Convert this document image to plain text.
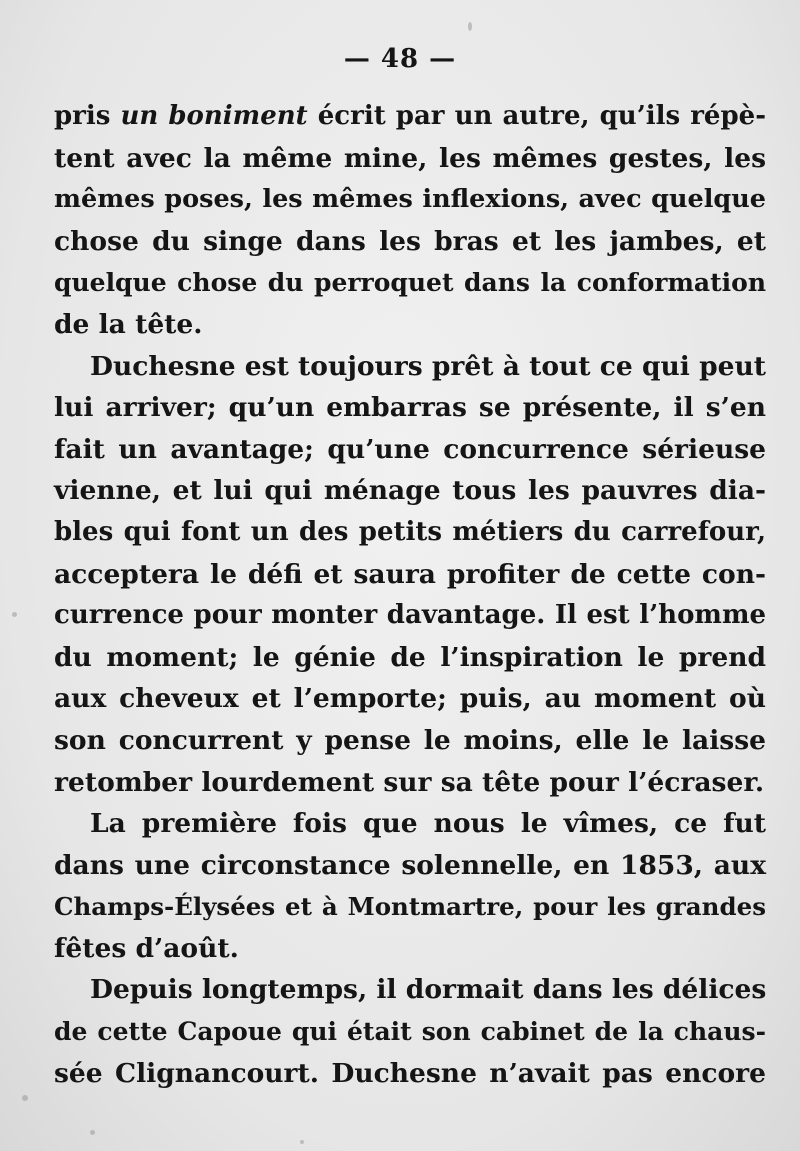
— 48 —
pris un boniment écrit par un autre, qu’ils répè-
tent avec la même mine, les mêmes gestes, les
mêmes poses, les mêmes inflexions, avec quelque
chose du singe dans les bras et les jambes, et
quelque chose du perroquet dans la conformation
de la tête.
Duchesne est toujours prêt à tout ce qui peut
lui arriver; qu’un embarras se présente, il s’en
fait un avantage; qu’une concurrence sérieuse
vienne, et lui qui ménage tous les pauvres dia-
bles qui font un des petits métiers du carrefour,
acceptera le défi et saura profiter de cette con-
currence pour monter davantage. Il est l’homme
du moment; le génie de l’inspiration le prend
aux cheveux et l’emporte; puis, au moment où
son concurrent y pense le moins, elle le laisse
retomber lourdement sur sa tête pour l’écraser.
La première fois que nous le vîmes, ce fut
dans une circonstance solennelle, en 1853, aux
Champs-Élysées et à Montmartre, pour les grandes
fêtes d’août.
Depuis longtemps, il dormait dans les délices
de cette Capoue qui était son cabinet de la chaus-
sée Clignancourt. Duchesne n’avait pas encore
